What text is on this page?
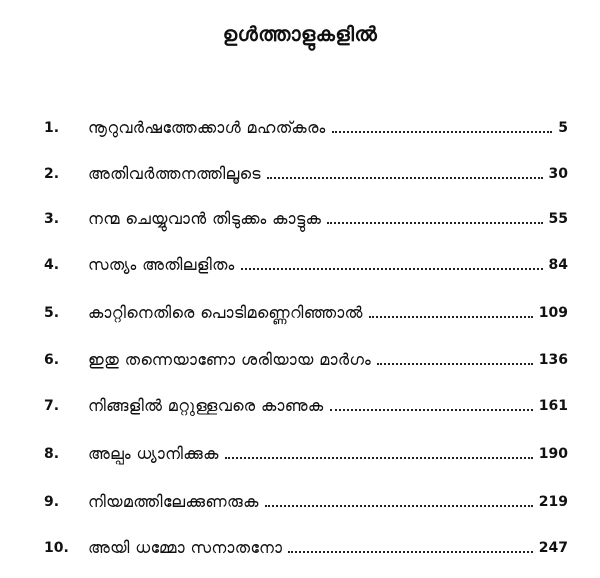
ഉൾത്താളുകളിൽ
1. നൂറുവർഷത്തേക്കാൾ മഹത്കരം	5
2. അതിവർത്തനത്തിലൂടെ	30
3. നന്മ ചെയ്യുവാൻ തിടുക്കം കാട്ടുക	55
4. സത്യം അതിലളിതം	84
5. കാറ്റിനെതിരെ പൊടിമണ്ണെറിഞ്ഞാൽ	109
6. ഇതു തന്നെയാണോ ശരിയായ മാർഗം	136
7. നിങ്ങളിൽ മറ്റുള്ളവരെ കാണുക	161
8. അല്പം ധ്യാനിക്കുക	190
9. നിയമത്തിലേക്കുണരുക	219
10. അയി ധമ്മോ സനാതനോ	247
